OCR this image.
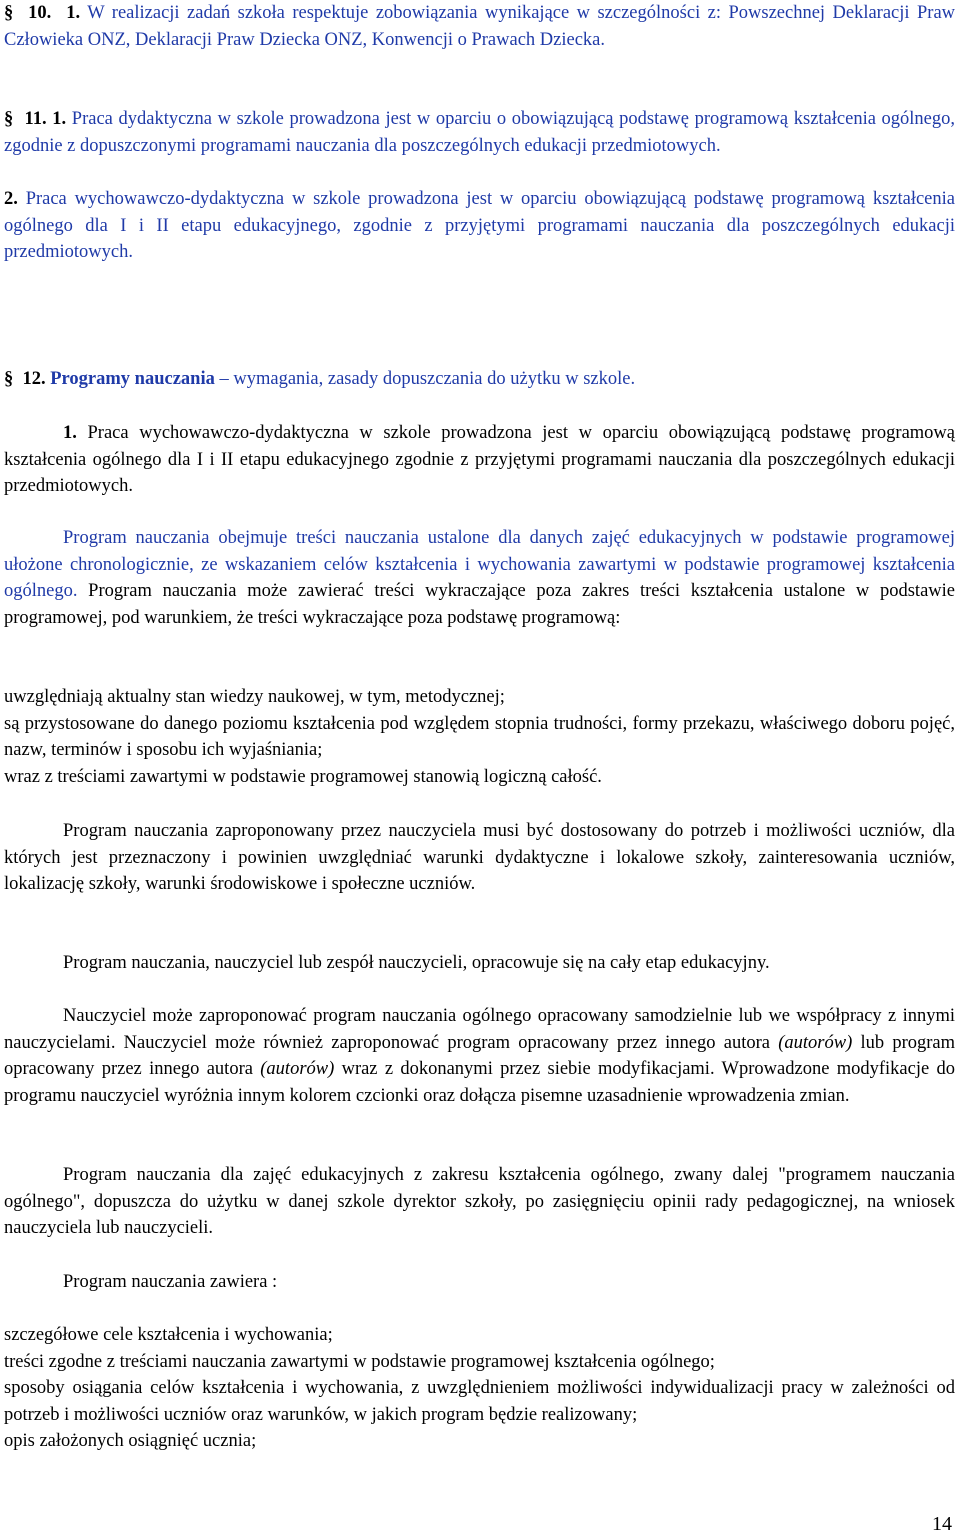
§ 10. 1. W realizacji zadań szkoła respektuje zobowiązania wynikające w szczególności z: Powszechnej Deklaracji Praw Człowieka ONZ, Deklaracji Praw Dziecka ONZ, Konwencji o Prawach Dziecka.

§ 11. 1. Praca dydaktyczna w szkole prowadzona jest w oparciu o obowiązującą podstawę programową kształcenia ogólnego, zgodnie z dopuszczonymi programami nauczania dla poszczególnych edukacji przedmiotowych.

2. Praca wychowawczo-dydaktyczna w szkole prowadzona jest w oparciu obowiązującą podstawę programową kształcenia ogólnego dla I i II etapu edukacyjnego, zgodnie z przyjętymi programami nauczania dla poszczególnych edukacji przedmiotowych.

§ 12. Programy nauczania – wymagania, zasady dopuszczania do użytku w szkole.

1. Praca wychowawczo-dydaktyczna w szkole prowadzona jest w oparciu obowiązującą podstawę programową kształcenia ogólnego dla I i II etapu edukacyjnego zgodnie z przyjętymi programami nauczania dla poszczególnych edukacji przedmiotowych.

Program nauczania obejmuje treści nauczania ustalone dla danych zajęć edukacyjnych w podstawie programowej ułożone chronologicznie, ze wskazaniem celów kształcenia i wychowania zawartymi w podstawie programowej kształcenia ogólnego. Program nauczania może zawierać treści wykraczające poza zakres treści kształcenia ustalone w podstawie programowej, pod warunkiem, że treści wykraczające poza podstawę programową:

uwzględniają aktualny stan wiedzy naukowej, w tym, metodycznej;

są przystosowane do danego poziomu kształcenia pod względem stopnia trudności, formy przekazu, właściwego doboru pojęć, nazw, terminów i sposobu ich wyjaśniania;

wraz z treściami zawartymi w podstawie programowej stanowią logiczną całość.

Program nauczania zaproponowany przez nauczyciela musi być dostosowany do potrzeb i możliwości uczniów, dla których jest przeznaczony i powinien uwzględniać warunki dydaktyczne i lokalowe szkoły, zainteresowania uczniów, lokalizację szkoły, warunki środowiskowe i społeczne uczniów.

Program nauczania, nauczyciel lub zespół nauczycieli, opracowuje się na cały etap edukacyjny.

Nauczyciel może zaproponować program nauczania ogólnego opracowany samodzielnie lub we współpracy z innymi nauczycielami. Nauczyciel może również zaproponować program opracowany przez innego autora (autorów) lub program opracowany przez innego autora (autorów) wraz z dokonanymi przez siebie modyfikacjami. Wprowadzone modyfikacje do programu nauczyciel wyróżnia innym kolorem czcionki oraz dołącza pisemne uzasadnienie wprowadzenia zmian.

Program nauczania dla zajęć edukacyjnych z zakresu kształcenia ogólnego, zwany dalej "programem nauczania ogólnego", dopuszcza do użytku w danej szkole dyrektor szkoły, po zasięgnięciu opinii rady pedagogicznej, na wniosek nauczyciela lub nauczycieli.

Program nauczania zawiera :

szczegółowe cele kształcenia i wychowania;

treści zgodne z treściami nauczania zawartymi w podstawie programowej kształcenia ogólnego;

sposoby osiągania celów kształcenia i wychowania, z uwzględnieniem możliwości indywidualizacji pracy w zależności od potrzeb i możliwości uczniów oraz warunków, w jakich program będzie realizowany;

opis założonych osiągnięć ucznia;

14
